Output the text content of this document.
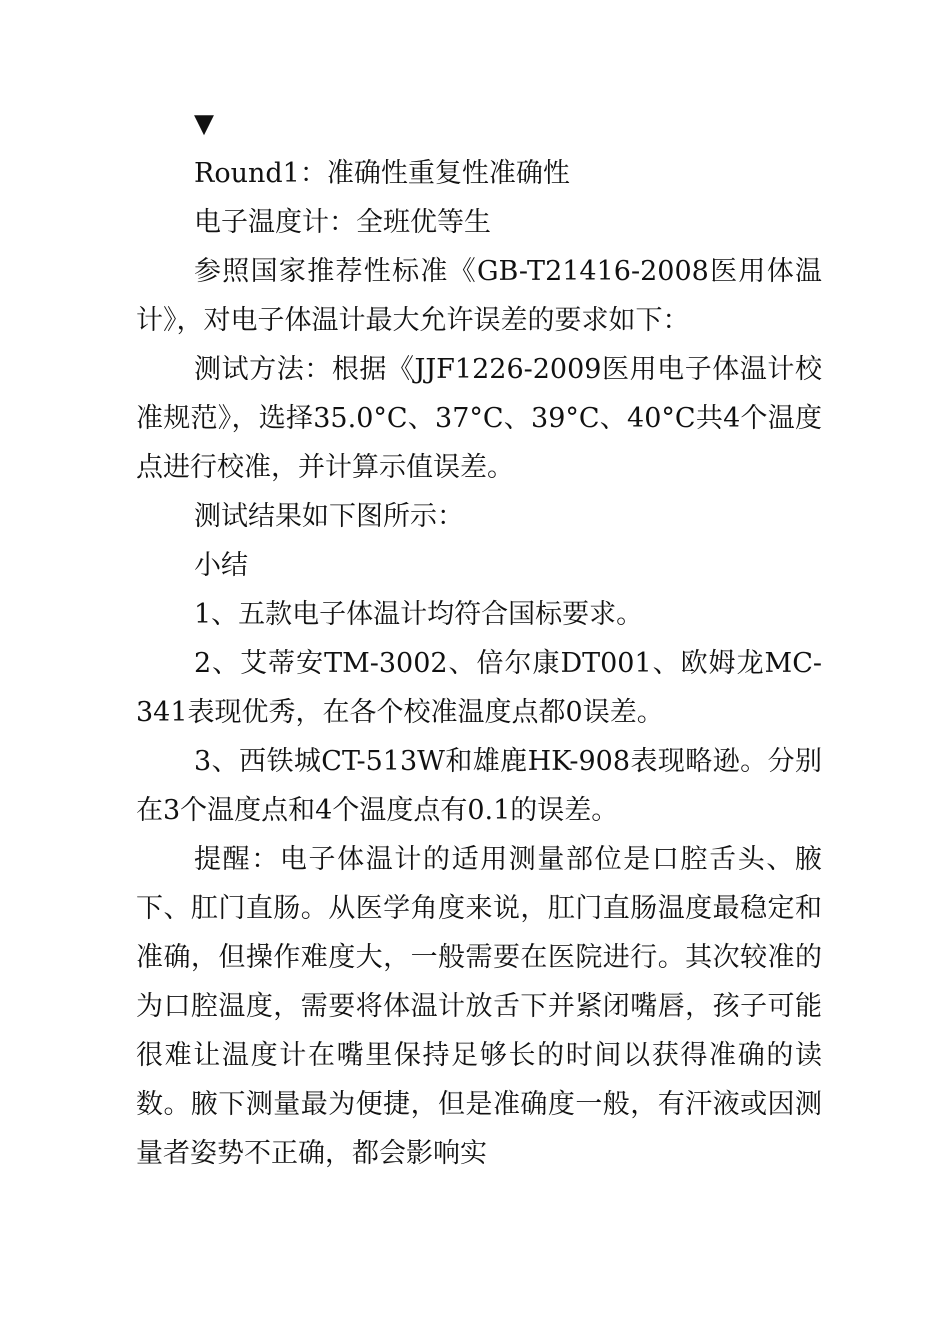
▼

Round1：准确性重复性准确性

电子温度计：全班优等生

参照国家推荐性标准《GB-T21416-2008医用体温计》，对电子体温计最大允许误差的要求如下：

测试方法：根据《JJF1226-2009医用电子体温计校准规范》，选择35.0°C、37°C、39°C、40°C共4个温度点进行校准，并计算示值误差。

测试结果如下图所示：

小结

1、五款电子体温计均符合国标要求。

2、艾蒂安TM-3002、倍尔康DT001、欧姆龙MC-341表现优秀，在各个校准温度点都0误差。

3、西铁城CT-513W和雄鹿HK-908表现略逊。分别在3个温度点和4个温度点有0.1的误差。

提醒：电子体温计的适用测量部位是口腔舌头、腋下、肛门直肠。从医学角度来说，肛门直肠温度最稳定和准确，但操作难度大，一般需要在医院进行。其次较准的为口腔温度，需要将体温计放舌下并紧闭嘴唇，孩子可能很难让温度计在嘴里保持足够长的时间以获得准确的读数。腋下测量最为便捷，但是准确度一般，有汗液或因测量者姿势不正确，都会影响实
